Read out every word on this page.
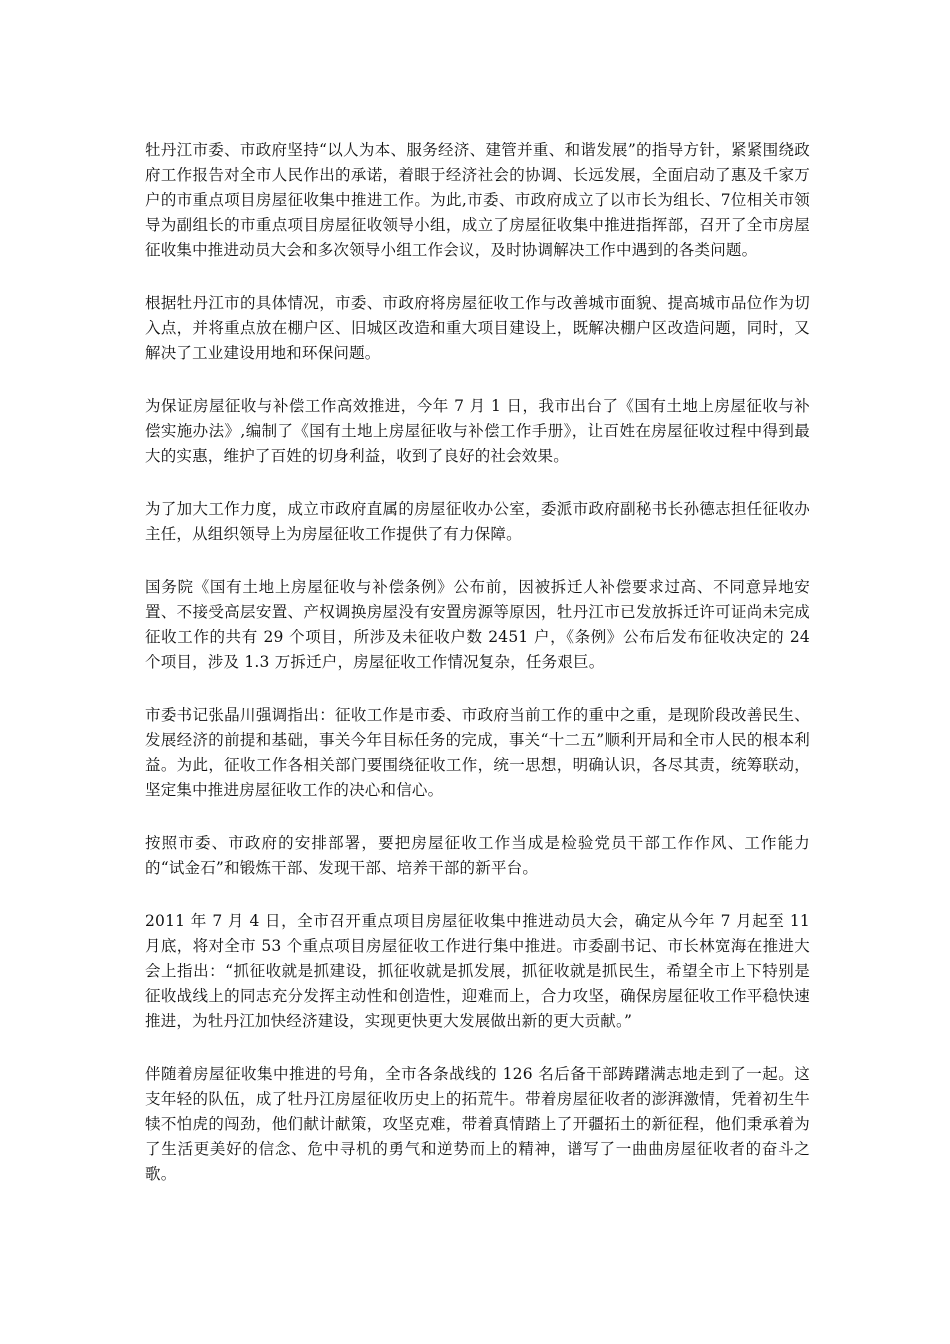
牡丹江市委、市政府坚持“以人为本、服务经济、建管并重、和谐发展”的指导方针，紧紧围绕政府工作报告对全市人民作出的承诺，着眼于经济社会的协调、长远发展，全面启动了惠及千家万户的市重点项目房屋征收集中推进工作。为此,市委、市政府成立了以市长为组长、7位相关市领导为副组长的市重点项目房屋征收领导小组，成立了房屋征收集中推进指挥部，召开了全市房屋征收集中推进动员大会和多次领导小组工作会议，及时协调解决工作中遇到的各类问题。

根据牡丹江市的具体情况，市委、市政府将房屋征收工作与改善城市面貌、提高城市品位作为切入点，并将重点放在棚户区、旧城区改造和重大项目建设上，既解决棚户区改造问题，同时，又解决了工业建设用地和环保问题。

为保证房屋征收与补偿工作高效推进，今年 7 月 1 日，我市出台了《国有土地上房屋征收与补偿实施办法》,编制了《国有土地上房屋征收与补偿工作手册》，让百姓在房屋征收过程中得到最大的实惠，维护了百姓的切身利益，收到了良好的社会效果。

为了加大工作力度，成立市政府直属的房屋征收办公室，委派市政府副秘书长孙德志担任征收办主任，从组织领导上为房屋征收工作提供了有力保障。

国务院《国有土地上房屋征收与补偿条例》公布前，因被拆迁人补偿要求过高、不同意异地安置、不接受高层安置、产权调换房屋没有安置房源等原因，牡丹江市已发放拆迁许可证尚未完成征收工作的共有 29 个项目，所涉及未征收户数 2451 户，《条例》公布后发布征收决定的 24 个项目，涉及 1.3 万拆迁户，房屋征收工作情况复杂，任务艰巨。

市委书记张晶川强调指出：征收工作是市委、市政府当前工作的重中之重，是现阶段改善民生、发展经济的前提和基础，事关今年目标任务的完成，事关“十二五”顺利开局和全市人民的根本利益。为此，征收工作各相关部门要围绕征收工作，统一思想，明确认识，各尽其责，统筹联动，坚定集中推进房屋征收工作的决心和信心。

按照市委、市政府的安排部署，要把房屋征收工作当成是检验党员干部工作作风、工作能力的“试金石”和锻炼干部、发现干部、培养干部的新平台。

2011 年 7 月 4 日，全市召开重点项目房屋征收集中推进动员大会，确定从今年 7 月起至 11 月底，将对全市 53 个重点项目房屋征收工作进行集中推进。市委副书记、市长林宽海在推进大会上指出：“抓征收就是抓建设，抓征收就是抓发展，抓征收就是抓民生，希望全市上下特别是征收战线上的同志充分发挥主动性和创造性，迎难而上，合力攻坚，确保房屋征收工作平稳快速推进，为牡丹江加快经济建设，实现更快更大发展做出新的更大贡献。”

伴随着房屋征收集中推进的号角，全市各条战线的 126 名后备干部踌躇满志地走到了一起。这支年轻的队伍，成了牡丹江房屋征收历史上的拓荒牛。带着房屋征收者的澎湃激情，凭着初生牛犊不怕虎的闯劲，他们献计献策，攻坚克难，带着真情踏上了开疆拓土的新征程，他们秉承着为了生活更美好的信念、危中寻机的勇气和逆势而上的精神，谱写了一曲曲房屋征收者的奋斗之歌。
